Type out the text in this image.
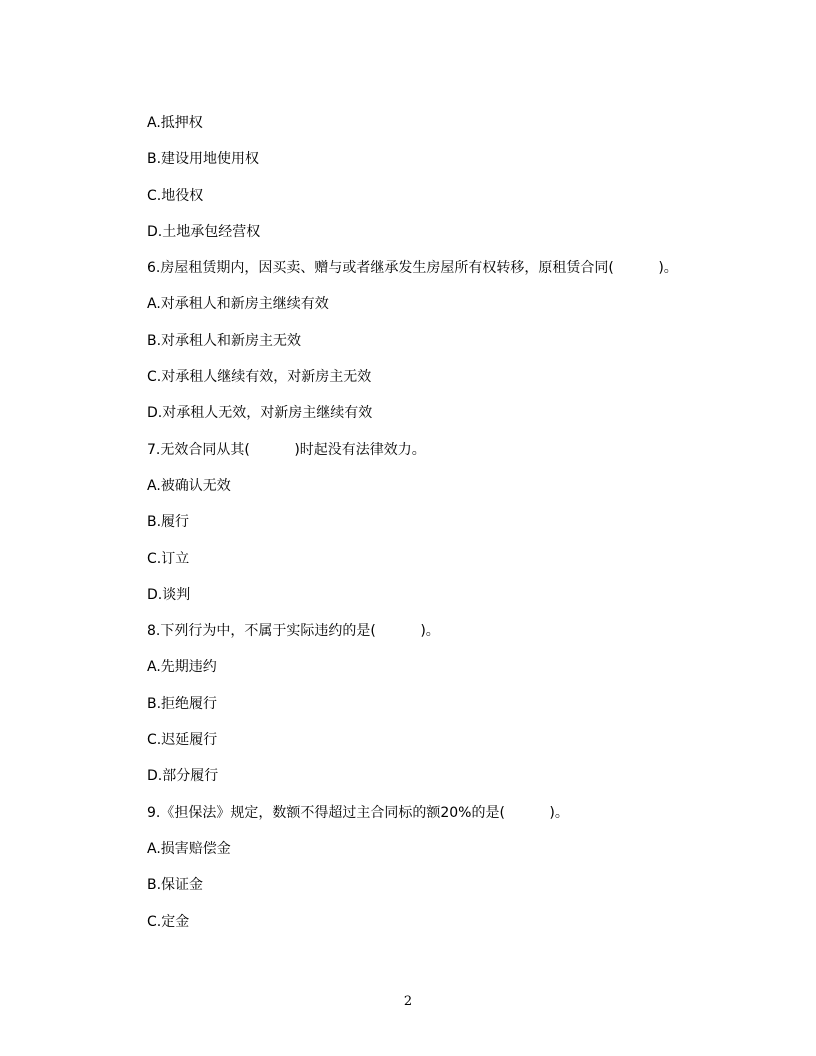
A.抵押权
B.建设用地使用权
C.地役权
D.土地承包经营权
6.房屋租赁期内，因买卖、赠与或者继承发生房屋所有权转移，原租赁合同(          )。
A.对承租人和新房主继续有效
B.对承租人和新房主无效
C.对承租人继续有效，对新房主无效
D.对承租人无效，对新房主继续有效
7.无效合同从其(          )时起没有法律效力。
A.被确认无效
B.履行
C.订立
D.谈判
8.下列行为中，不属于实际违约的是(          )。
A.先期违约
B.拒绝履行
C.迟延履行
D.部分履行
9.《担保法》规定，数额不得超过主合同标的额20%的是(          )。
A.损害赔偿金
B.保证金
C.定金
2
